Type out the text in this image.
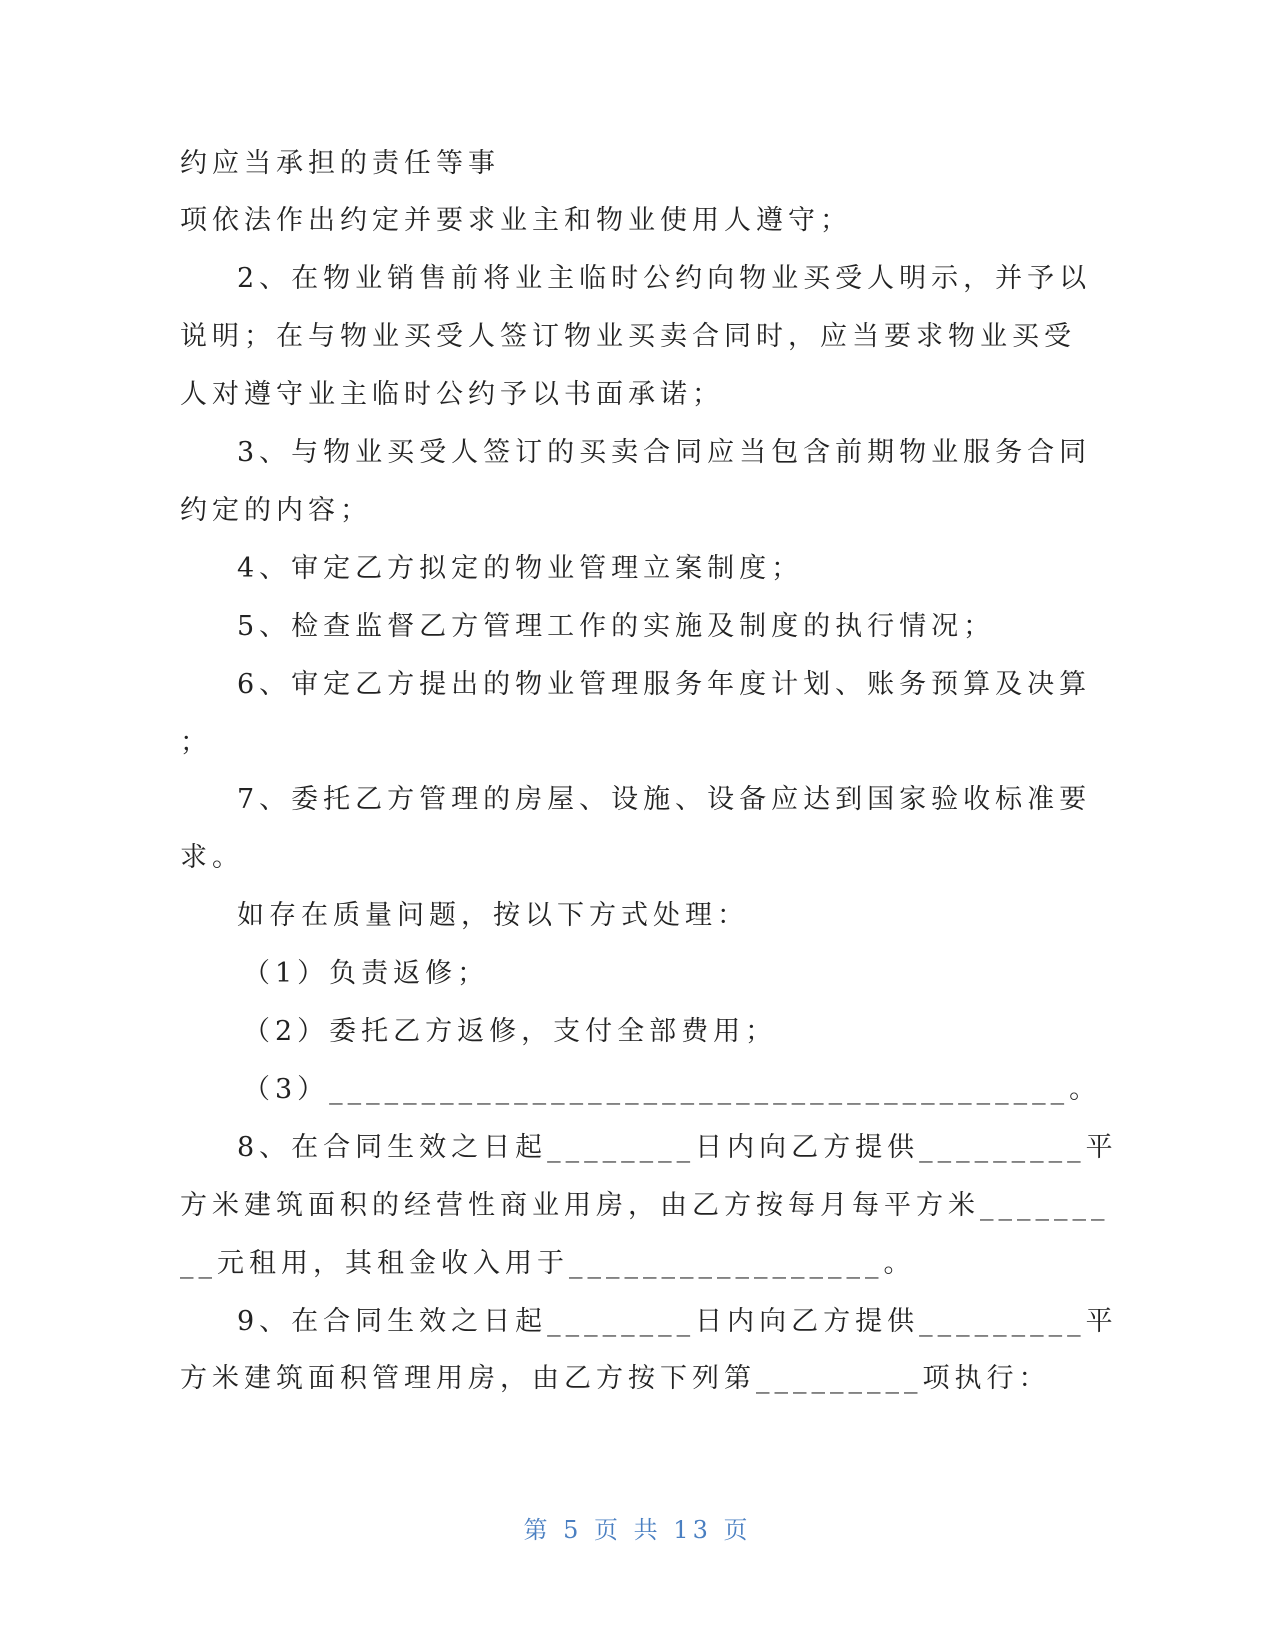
约应当承担的责任等事
项依法作出约定并要求业主和物业使用人遵守；
2、在物业销售前将业主临时公约向物业买受人明示，并予以
说明；在与物业买受人签订物业买卖合同时，应当要求物业买受
人对遵守业主临时公约予以书面承诺；
3、与物业买受人签订的买卖合同应当包含前期物业服务合同
约定的内容；
4、审定乙方拟定的物业管理立案制度；
5、检查监督乙方管理工作的实施及制度的执行情况；
6、审定乙方提出的物业管理服务年度计划、账务预算及决算
；
7、委托乙方管理的房屋、设施、设备应达到国家验收标准要
求。
如存在质量问题，按以下方式处理：
（1）负责返修；
（2）委托乙方返修，支付全部费用；
（3）________________________________________。
8、在合同生效之日起________日内向乙方提供_________平
方米建筑面积的经营性商业用房，由乙方按每月每平方米_______
__元租用，其租金收入用于_________________。
9、在合同生效之日起________日内向乙方提供_________平
方米建筑面积管理用房，由乙方按下列第_________项执行：
第 5 页 共 13 页
